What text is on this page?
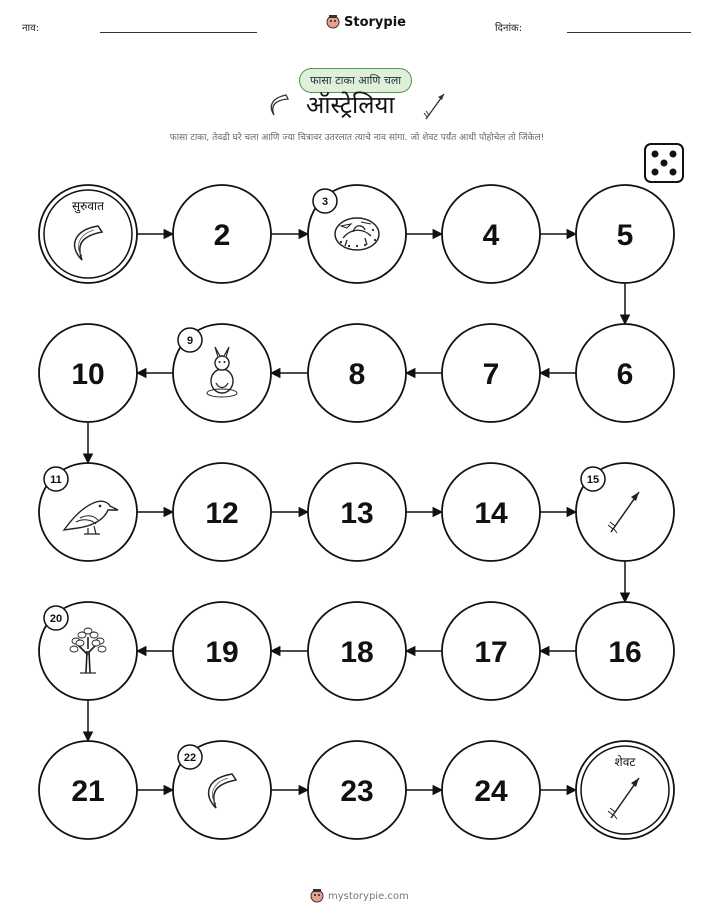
नाव:	Storypie	दिनांक:
फासा टाका आणि चला
ऑस्ट्रेलिया
फासा टाका, तेवढी घरे चला आणि ज्या चित्रावर उतरलात त्याचे नाव सांगा. जो शेवट पर्यंत आधी पोहोचेल तो जिंकेल!
सुरुवात
2
3
4	5
6
7
8
9
10
11
12	13	14
15
16
17
18
19
20
21
22
23	24
शेवट
mystorypie.com
